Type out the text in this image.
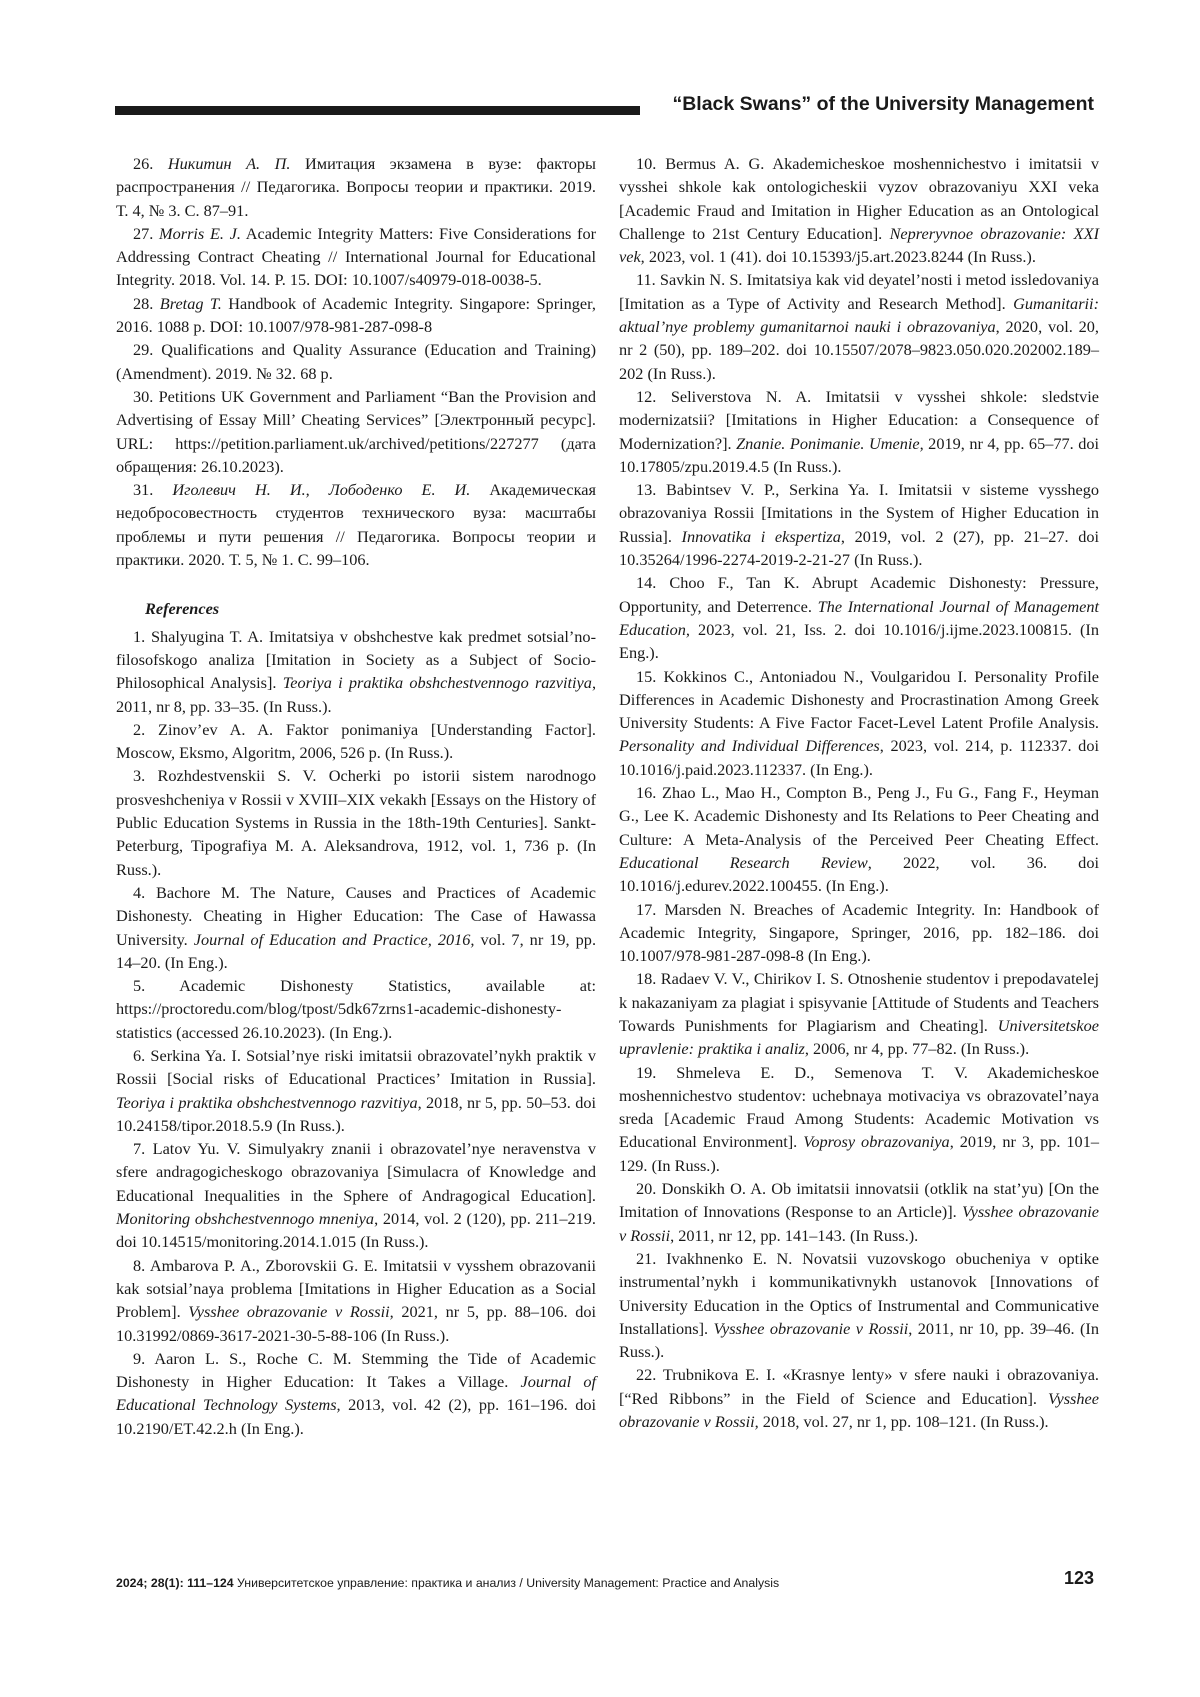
“Black Swans” of the University Management

26. Никитин А. П. Имитация экзамена в вузе: факторы распространения // Педагогика. Вопросы теории и практики. 2019. Т. 4, № 3. С. 87–91.

27. Morris E. J. Academic Integrity Matters: Five Considerations for Addressing Contract Cheating // International Journal for Educational Integrity. 2018. Vol. 14. P. 15. DOI: 10.1007/s40979-018-0038-5.

28. Bretag T. Handbook of Academic Integrity. Singapore: Springer, 2016. 1088 p. DOI: 10.1007/978-981-287-098-8

29. Qualifications and Quality Assurance (Education and Training) (Amendment). 2019. № 32. 68 p.

30. Petitions UK Government and Parliament “Ban the Provision and Advertising of Essay Mill’ Cheating Services” [Электронный ресурс]. URL: https://petition.parliament.uk/archived/petitions/227277 (дата обращения: 26.10.2023).

31. Иголевич Н. И., Лободенко Е. И. Академическая недобросовестность студентов технического вуза: масштабы проблемы и пути решения // Педагогика. Вопросы теории и практики. 2020. Т. 5, № 1. С. 99–106.

References

1. Shalyugina T. A. Imitatsiya v obshchestve kak predmet sotsial’no-filosofskogo analiza [Imitation in Society as a Subject of Socio-Philosophical Analysis]. Teoriya i praktika obshchestvennogo razvitiya, 2011, nr 8, pp. 33–35. (In Russ.).

2. Zinov’ev A. A. Faktor ponimaniya [Understanding Factor]. Moscow, Eksmo, Algoritm, 2006, 526 p. (In Russ.).

3. Rozhdestvenskii S. V. Ocherki po istorii sistem narodnogo prosveshcheniya v Rossii v XVIII–XIX vekakh [Essays on the History of Public Education Systems in Russia in the 18th-19th Centuries]. Sankt-Peterburg, Tipografiya M. A. Aleksandrova, 1912, vol. 1, 736 p. (In Russ.).

4. Bachore M. The Nature, Causes and Practices of Academic Dishonesty. Cheating in Higher Education: The Case of Hawassa University. Journal of Education and Practice, 2016, vol. 7, nr 19, pp. 14–20. (In Eng.).

5. Academic Dishonesty Statistics, available at: https://proctoredu.com/blog/tpost/5dk67zrns1-academic-dishonesty-statistics (accessed 26.10.2023). (In Eng.).

6. Serkina Ya. I. Sotsial’nye riski imitatsii obrazovatel’nykh praktik v Rossii [Social risks of Educational Practices’ Imitation in Russia]. Teoriya i praktika obshchestvennogo razvitiya, 2018, nr 5, pp. 50–53. doi 10.24158/tipor.2018.5.9 (In Russ.).

7. Latov Yu. V. Simulyakry znanii i obrazovatel’nye neravenstva v sfere andragogicheskogo obrazovaniya [Simulacra of Knowledge and Educational Inequalities in the Sphere of Andragogical Education]. Monitoring obshchestvennogo mneniya, 2014, vol. 2 (120), pp. 211–219. doi 10.14515/monitoring.2014.1.015 (In Russ.).

8. Ambarova P. A., Zborovskii G. E. Imitatsii v vysshem obrazovanii kak sotsial’naya problema [Imitations in Higher Education as a Social Problem]. Vysshee obrazovanie v Rossii, 2021, nr 5, pp. 88–106. doi 10.31992/0869-3617-2021-30-5-88-106 (In Russ.).

9. Aaron L. S., Roche C. M. Stemming the Tide of Academic Dishonesty in Higher Education: It Takes a Village. Journal of Educational Technology Systems, 2013, vol. 42 (2), pp. 161–196. doi 10.2190/ET.42.2.h (In Eng.).

10. Bermus A. G. Akademicheskoe moshennichestvo i imitatsii v vysshei shkole kak ontologicheskii vyzov obrazovaniyu XXI veka [Academic Fraud and Imitation in Higher Education as an Ontological Challenge to 21st Century Education]. Nepreryvnoe obrazovanie: XXI vek, 2023, vol. 1 (41). doi 10.15393/j5.art.2023.8244 (In Russ.).

11. Savkin N. S. Imitatsiya kak vid deyatel’nosti i metod issledovaniya [Imitation as a Type of Activity and Research Method]. Gumanitarii: aktual’nye problemy gumanitarnoi nauki i obrazovaniya, 2020, vol. 20, nr 2 (50), pp. 189–202. doi 10.15507/2078–9823.050.020.202002.189–202 (In Russ.).

12. Seliverstova N. A. Imitatsii v vysshei shkole: sledstvie modernizatsii? [Imitations in Higher Education: a Consequence of Modernization?]. Znanie. Ponimanie. Umenie, 2019, nr 4, pp. 65–77. doi 10.17805/zpu.2019.4.5 (In Russ.).

13. Babintsev V. P., Serkina Ya. I. Imitatsii v sisteme vysshego obrazovaniya Rossii [Imitations in the System of Higher Education in Russia]. Innovatika i ekspertiza, 2019, vol. 2 (27), pp. 21–27. doi 10.35264/1996-2274-2019-2-21-27 (In Russ.).

14. Choo F., Tan K. Abrupt Academic Dishonesty: Pressure, Opportunity, and Deterrence. The International Journal of Management Education, 2023, vol. 21, Iss. 2. doi 10.1016/j.ijme.2023.100815. (In Eng.).

15. Kokkinos C., Antoniadou N., Voulgaridou I. Personality Profile Differences in Academic Dishonesty and Procrastination Among Greek University Students: A Five Factor Facet-Level Latent Profile Analysis. Personality and Individual Differences, 2023, vol. 214, p. 112337. doi 10.1016/j.paid.2023.112337. (In Eng.).

16. Zhao L., Mao H., Compton B., Peng J., Fu G., Fang F., Heyman G., Lee K. Academic Dishonesty and Its Relations to Peer Cheating and Culture: A Meta-Analysis of the Perceived Peer Cheating Effect. Educational Research Review, 2022, vol. 36. doi 10.1016/j.edurev.2022.100455. (In Eng.).

17. Marsden N. Breaches of Academic Integrity. In: Handbook of Academic Integrity, Singapore, Springer, 2016, pp. 182–186. doi 10.1007/978-981-287-098-8 (In Eng.).

18. Radaev V. V., Chirikov I. S. Otnoshenie studentov i prepodavatelej k nakazaniyam za plagiat i spisyvanie [Attitude of Students and Teachers Towards Punishments for Plagiarism and Cheating]. Universitetskoe upravlenie: praktika i analiz, 2006, nr 4, pp. 77–82. (In Russ.).

19. Shmeleva E. D., Semenova T. V. Akademicheskoe moshennichestvo studentov: uchebnaya motivaciya vs obrazovatel’naya sreda [Academic Fraud Among Students: Academic Motivation vs Educational Environment]. Voprosy obrazovaniya, 2019, nr 3, pp. 101–129. (In Russ.).

20. Donskikh O. A. Ob imitatsii innovatsii (otklik na stat’yu) [On the Imitation of Innovations (Response to an Article)]. Vysshee obrazovanie v Rossii, 2011, nr 12, pp. 141–143. (In Russ.).

21. Ivakhnenko E. N. Novatsii vuzovskogo obucheniya v optike instrumental’nykh i kommunikativnykh ustanovok [Innovations of University Education in the Optics of Instrumental and Communicative Installations]. Vysshee obrazovanie v Rossii, 2011, nr 10, pp. 39–46. (In Russ.).

22. Trubnikova E. I. «Krasnye lenty» v sfere nauki i obrazovaniya. [“Red Ribbons” in the Field of Science and Education]. Vysshee obrazovanie v Rossii, 2018, vol. 27, nr 1, pp. 108–121. (In Russ.).

2024; 28(1): 111–124 Университетское управление: практика и анализ / University Management: Practice and Analysis	123
